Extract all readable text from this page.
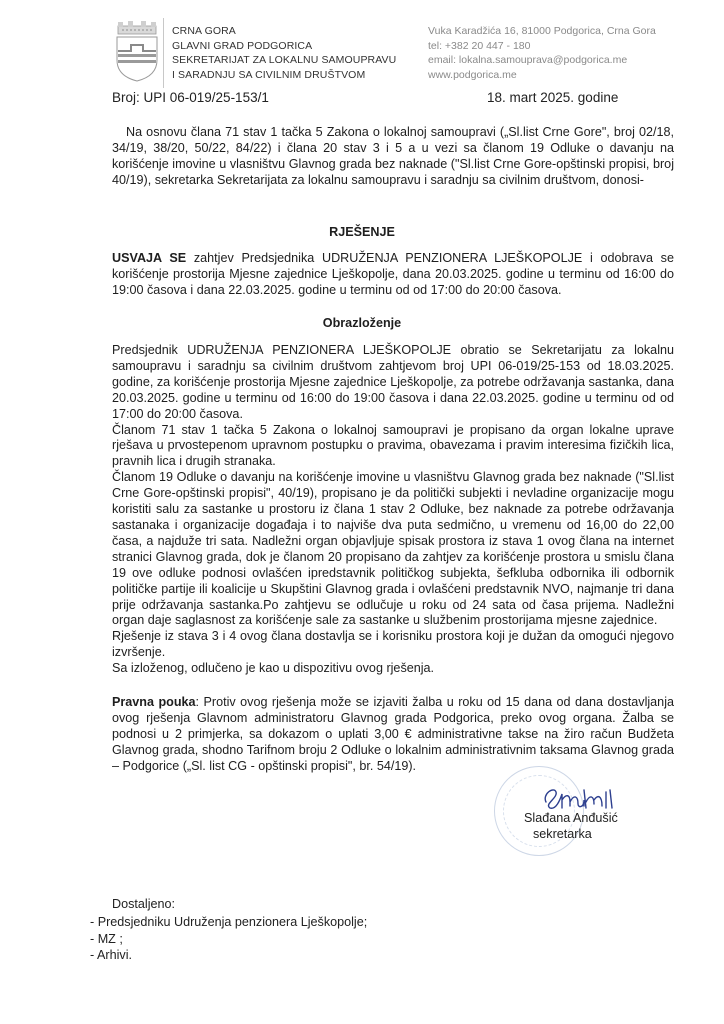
CRNA GORA
GLAVNI GRAD PODGORICA
SEKRETARIJAT ZA LOKALNU SAMOUPRAVU
I SARADNJU SA CIVILNIM DRUŠTVOM
Vuka Karadžića 16, 81000 Podgorica, Crna Gora
tel: +382 20 447 - 180
email: lokalna.samouprava@podgorica.me
www.podgorica.me
Broj: UPI 06-019/25-153/1	18. mart 2025. godine
Na osnovu člana 71 stav 1 tačka 5 Zakona o lokalnoj samoupravi („Sl.list Crne Gore", broj 02/18, 34/19, 38/20, 50/22, 84/22) i člana 20 stav 3 i 5 a u vezi sa članom 19 Odluke o davanju na korišćenje imovine u vlasništvu Glavnog grada bez naknade ("Sl.list Crne Gore-opštinski propisi, broj 40/19), sekretarka Sekretarijata za lokalnu samoupravu i saradnju sa civilnim društvom, donosi-
RJEŠENJE
USVAJA SE zahtjev Predsjednika UDRUŽENJA PENZIONERA LJEŠKOPOLJE i odobrava se korišćenje prostorija Mjesne zajednice Lješkopolje, dana 20.03.2025. godine u terminu od 16:00 do 19:00 časova i dana 22.03.2025. godine u terminu od od 17:00 do 20:00 časova.
Obrazloženje

Predsjednik UDRUŽENJA PENZIONERA LJEŠKOPOLJE obratio se Sekretarijatu za lokalnu samoupravu i saradnju sa civilnim društvom zahtjevom broj UPI 06-019/25-153 od 18.03.2025. godine, za korišćenje prostorija Mjesne zajednice Lješkopolje, za potrebe održavanja sastanka, dana 20.03.2025. godine u terminu od 16:00 do 19:00 časova i dana 22.03.2025. godine u terminu od od 17:00 do 20:00 časova.

Članom 71 stav 1 tačka 5 Zakona o lokalnoj samoupravi je propisano da organ lokalne uprave rješava u prvostepenom upravnom postupku o pravima, obavezama i pravim interesima fizičkih lica, pravnih lica i drugih stranaka.

Članom 19 Odluke o davanju na korišćenje imovine u vlasništvu Glavnog grada bez naknade ("Sl.list Crne Gore-opštinski propisi", 40/19), propisano je da politički subjekti i nevladine organizacije mogu koristiti salu za sastanke u prostoru iz člana 1 stav 2 Odluke, bez naknade za potrebe održavanja sastanaka i organizacije događaja i to najviše dva puta sedmično, u vremenu od 16,00 do 22,00 časa, a najduže tri sata. Nadležni organ objavljuje spisak prostora iz stava 1 ovog člana na internet stranici Glavnog grada, dok je članom 20 propisano da zahtjev za korišćenje prostora u smislu člana 19 ove odluke podnosi ovlašćen ipredstavnik političkog subjekta, šefkluba odbornika ili odbornik političke partije ili koalicije u Skupštini Glavnog grada i ovlašćeni predstavnik NVO, najmanje tri dana prije održavanja sastanka.Po zahtjevu se odlučuje u roku od 24 sata od časa prijema. Nadležni organ daje saglasnost za korišćenje sale za sastanke u službenim prostorijama mjesne zajednice.

Rješenje iz stava 3 i 4 ovog člana dostavlja se i korisniku prostora koji je dužan da omogući njegovo izvršenje.

Sa izloženog, odlučeno je kao u dispozitivu ovog rješenja.

Pravna pouka: Protiv ovog rješenja može se izjaviti žalba u roku od 15 dana od dana dostavljanja ovog rješenja Glavnom administratoru Glavnog grada Podgorica, preko ovog organa. Žalba se podnosi u 2 primjerka, sa dokazom o uplati 3,00 € administrativne takse na žiro račun Budžeta Glavnog grada, shodno Tarifnom broju 2 Odluke o lokalnim administrativnim taksama Glavnog grada – Podgorice („Sl. list CG - opštinski propisi", br. 54/19).
Slađana Anđušić
sekretarka
Dostaljeno:
- Predsjedniku Udruženja penzionera Lješkopolje;
- MZ ;
- Arhivi.
